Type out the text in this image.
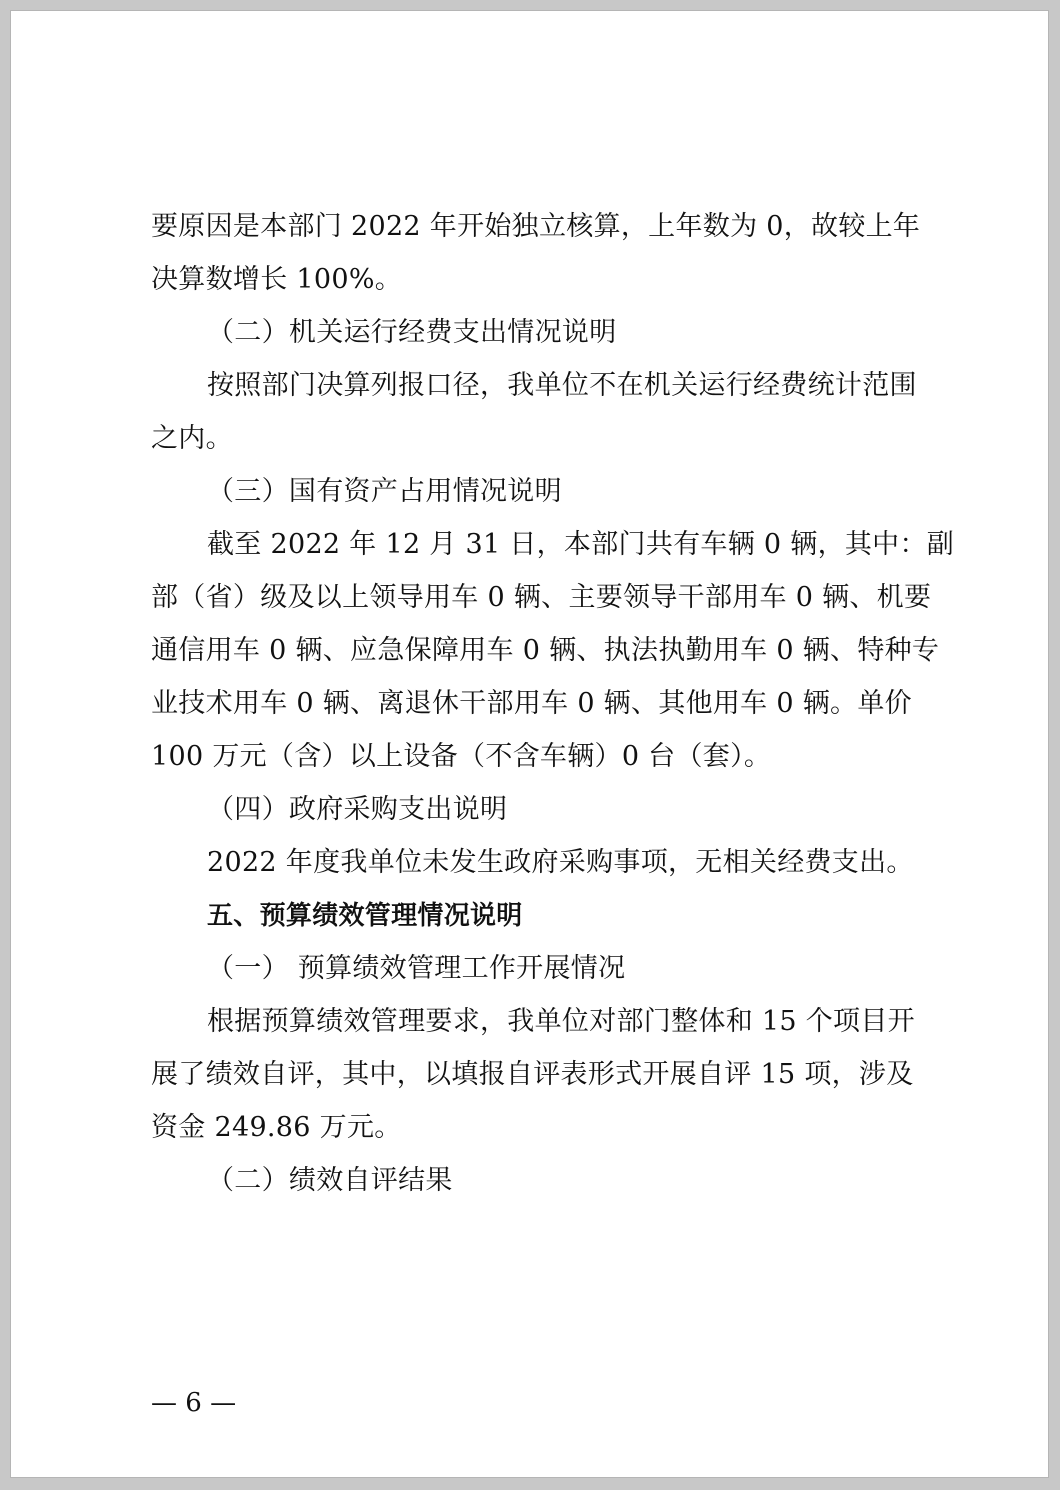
要原因是本部门 2022 年开始独立核算，上年数为 0，故较上年
决算数增长 100%。
（二）机关运行经费支出情况说明
按照部门决算列报口径，我单位不在机关运行经费统计范围
之内。
（三）国有资产占用情况说明
截至 2022 年 12 月 31 日，本部门共有车辆 0 辆，其中：副
部（省）级及以上领导用车 0 辆、主要领导干部用车 0 辆、机要
通信用车 0 辆、应急保障用车 0 辆、执法执勤用车 0 辆、特种专
业技术用车 0 辆、离退休干部用车 0 辆、其他用车 0 辆。单价
100 万元（含）以上设备（不含车辆）0 台（套）。
（四）政府采购支出说明
2022 年度我单位未发生政府采购事项，无相关经费支出。
五、预算绩效管理情况说明
（一） 预算绩效管理工作开展情况
根据预算绩效管理要求，我单位对部门整体和 15 个项目开
展了绩效自评，其中，以填报自评表形式开展自评 15 项，涉及
资金 249.86 万元。
（二）绩效自评结果
— 6 —
